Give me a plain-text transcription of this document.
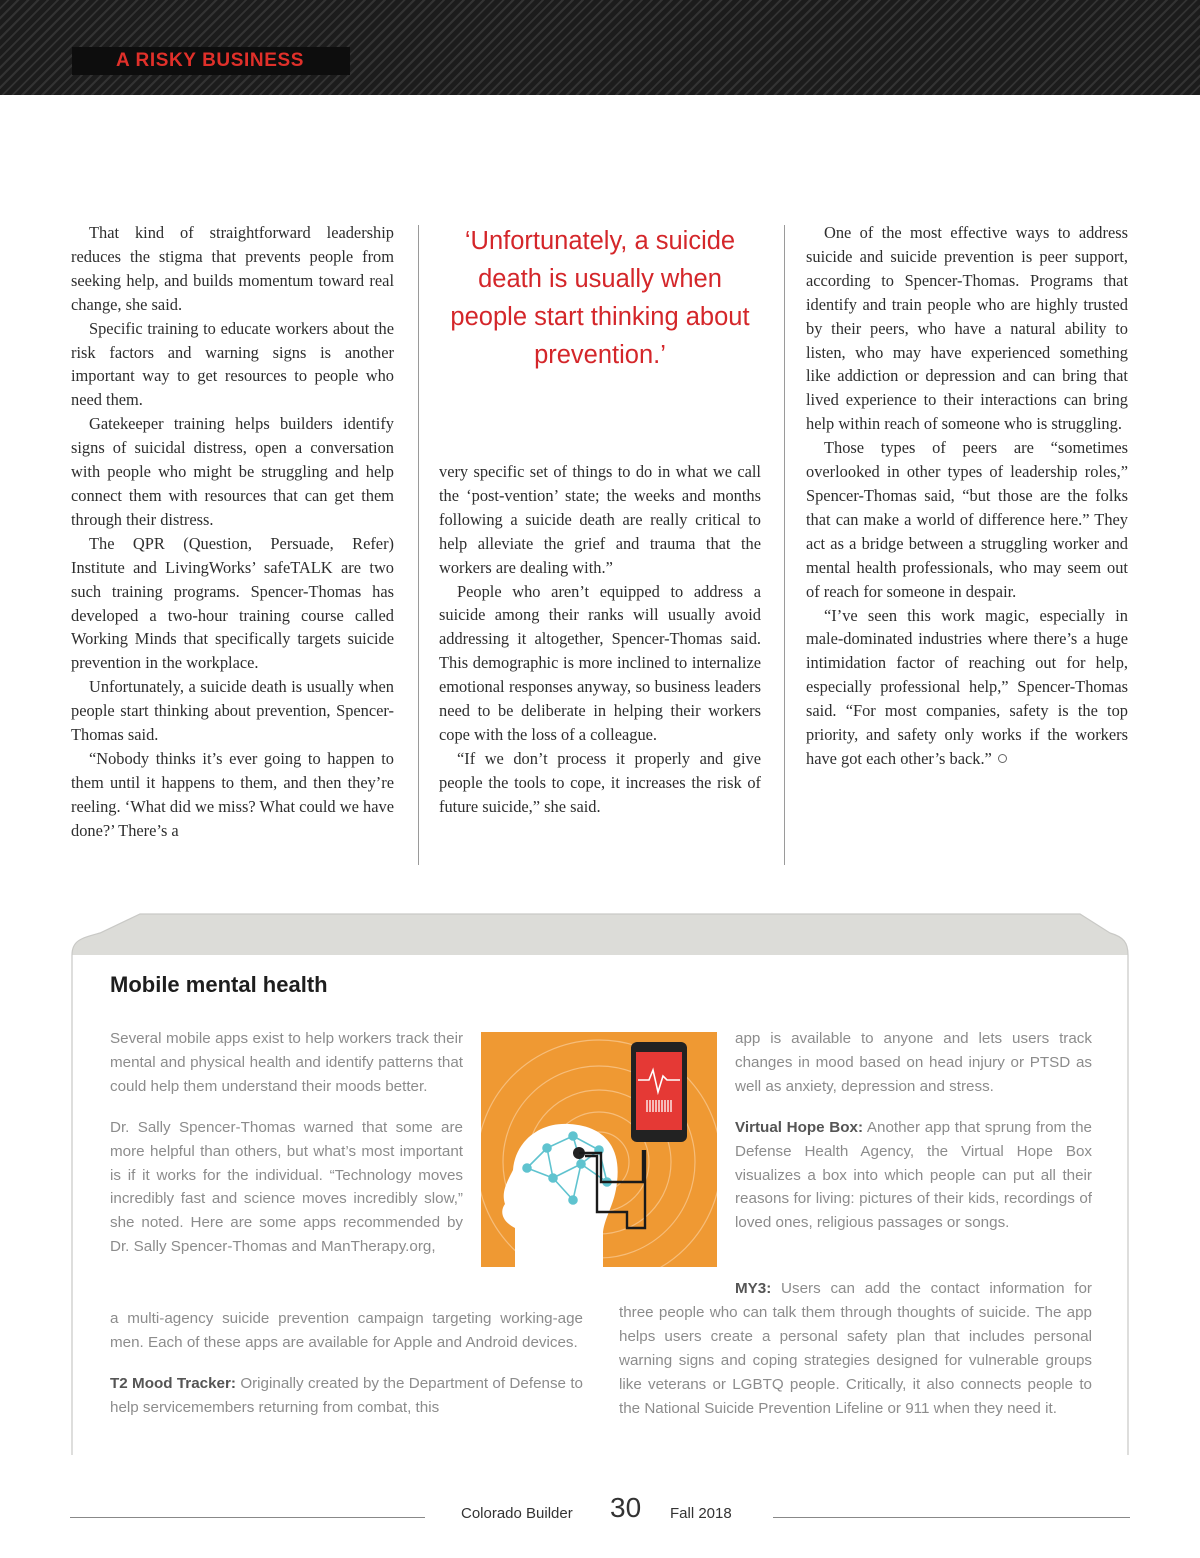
A RISKY BUSINESS

That kind of straightforward leadership reduces the stigma that prevents people from seeking help, and builds momentum toward real change, she said.

Specific training to educate workers about the risk factors and warning signs is another important way to get resources to people who need them.

Gatekeeper training helps builders identify signs of suicidal distress, open a conversation with people who might be struggling and help connect them with resources that can get them through their distress.

The QPR (Question, Persuade, Refer) Institute and LivingWorks’ safeTALK are two such training programs. Spencer-Thomas has developed a two-hour training course called Working Minds that specifically targets suicide prevention in the workplace.

Unfortunately, a suicide death is usually when people start thinking about prevention, Spencer-Thomas said.

“Nobody thinks it’s ever going to happen to them until it happens to them, and then they’re reeling. ‘What did we miss? What could we have done?’ There’s a

‘Unfortunately, a suicide death is usually when people start thinking about prevention.’

very specific set of things to do in what we call the ‘post-vention’ state; the weeks and months following a suicide death are really critical to help alleviate the grief and trauma that the workers are dealing with.”

People who aren’t equipped to address a suicide among their ranks will usually avoid addressing it altogether, Spencer-Thomas said. This demographic is more inclined to internalize emotional responses anyway, so business leaders need to be deliberate in helping their workers cope with the loss of a colleague.

“If we don’t process it properly and give people the tools to cope, it increases the risk of future suicide,” she said.

One of the most effective ways to address suicide and suicide prevention is peer support, according to Spencer-Thomas. Programs that identify and train people who are highly trusted by their peers, who have a natural ability to listen, who may have experienced something like addiction or depression and can bring that lived experience to their interactions can bring help within reach of someone who is struggling.

Those types of peers are “sometimes overlooked in other types of leadership roles,” Spencer-Thomas said, “but those are the folks that can make a world of difference here.” They act as a bridge between a struggling worker and mental health professionals, who may seem out of reach for someone in despair.

“I’ve seen this work magic, especially in male-dominated industries where there’s a huge intimidation factor of reaching out for help, especially professional help,” Spencer-Thomas said. “For most companies, safety is the top priority, and safety only works if the workers have got each other’s back.”

Mobile mental health

Several mobile apps exist to help workers track their mental and physical health and identify patterns that could help them understand their moods better.

Dr. Sally Spencer-Thomas warned that some are more helpful than others, but what’s most important is if it works for the individual. “Technology moves incredibly fast and science moves incredibly slow,” she noted. Here are some apps recommended by Dr. Sally Spencer-Thomas and ManTherapy.org,

a multi-agency suicide prevention campaign targeting working-age men. Each of these apps are available for Apple and Android devices.

T2 Mood Tracker: Originally created by the Department of Defense to help servicemembers returning from combat, this

app is available to anyone and lets users track changes in mood based on head injury or PTSD as well as anxiety, depression and stress.

Virtual Hope Box: Another app that sprung from the Defense Health Agency, the Virtual Hope Box visualizes a box into which people can put all their reasons for living: pictures of their kids, recordings of loved ones, religious passages or songs.

MY3: Users can add the contact information for three people who can talk them through thoughts of suicide. The app helps users create a personal safety plan that includes personal warning signs and coping strategies designed for vulnerable groups like veterans or LGBTQ people. Critically, it also connects people to the National Suicide Prevention Lifeline or 911 when they need it.

Colorado Builder 30 Fall 2018
